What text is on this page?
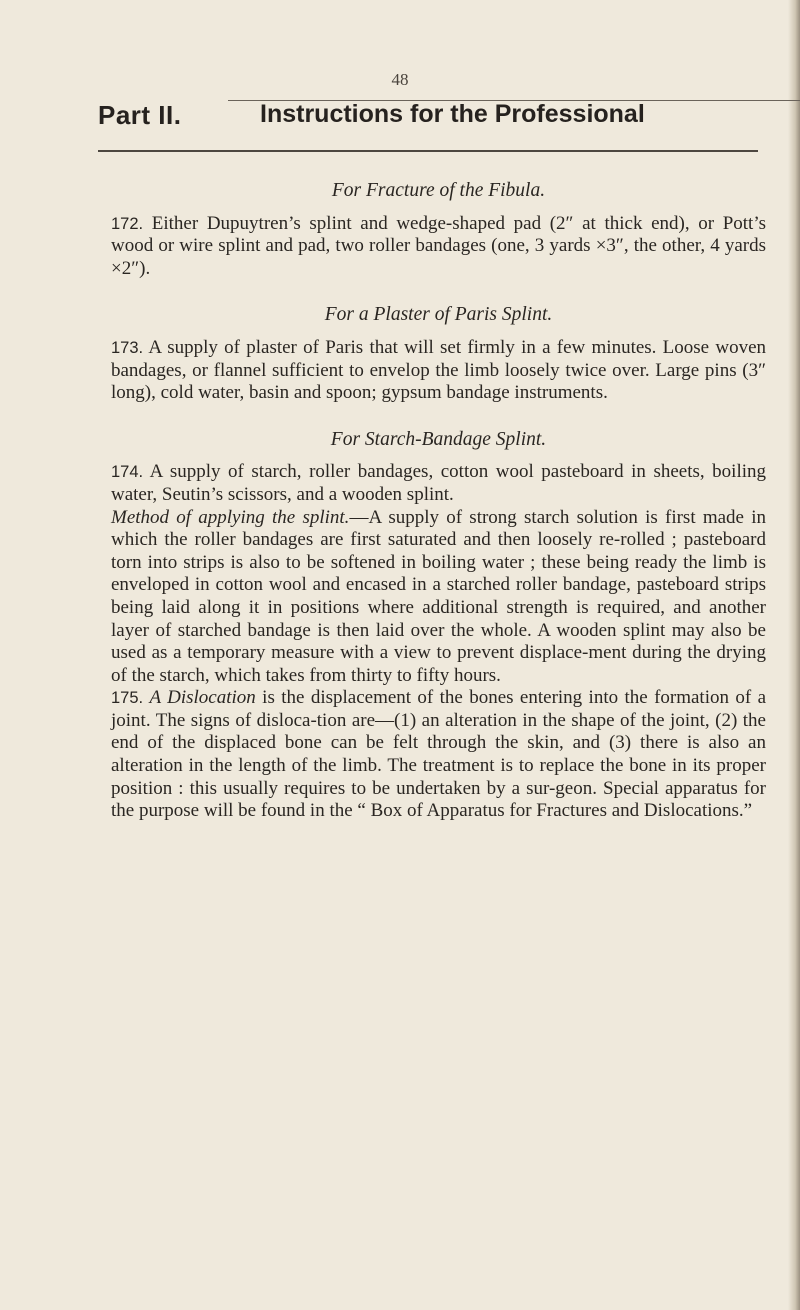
48
Part II.	Instructions for the Professional

For Fracture of the Fibula.

172. Either Dupuytren’s splint and wedge-shaped pad (2″ at thick end), or Pott’s wood or wire splint and pad, two roller bandages (one, 3 yards ×3″, the other, 4 yards ×2″).

For a Plaster of Paris Splint.

173. A supply of plaster of Paris that will set firmly in a few minutes. Loose woven bandages, or flannel sufficient to envelop the limb loosely twice over. Large pins (3″ long), cold water, basin and spoon; gypsum bandage instruments.

For Starch-Bandage Splint.

174. A supply of starch, roller bandages, cotton wool pasteboard in sheets, boiling water, Seutin’s scissors, and a wooden splint.

Method of applying the splint.—A supply of strong starch solution is first made in which the roller bandages are first saturated and then loosely re-rolled ; pasteboard torn into strips is also to be softened in boiling water ; these being ready the limb is enveloped in cotton wool and encased in a starched roller bandage, pasteboard strips being laid along it in positions where additional strength is required, and another layer of starched bandage is then laid over the whole. A wooden splint may also be used as a temporary measure with a view to prevent displace-ment during the drying of the starch, which takes from thirty to fifty hours.

175. A Dislocation is the displacement of the bones entering into the formation of a joint. The signs of disloca-tion are—(1) an alteration in the shape of the joint, (2) the end of the displaced bone can be felt through the skin, and (3) there is also an alteration in the length of the limb. The treatment is to replace the bone in its proper position : this usually requires to be undertaken by a sur-geon. Special apparatus for the purpose will be found in the “ Box of Apparatus for Fractures and Dislocations.”
